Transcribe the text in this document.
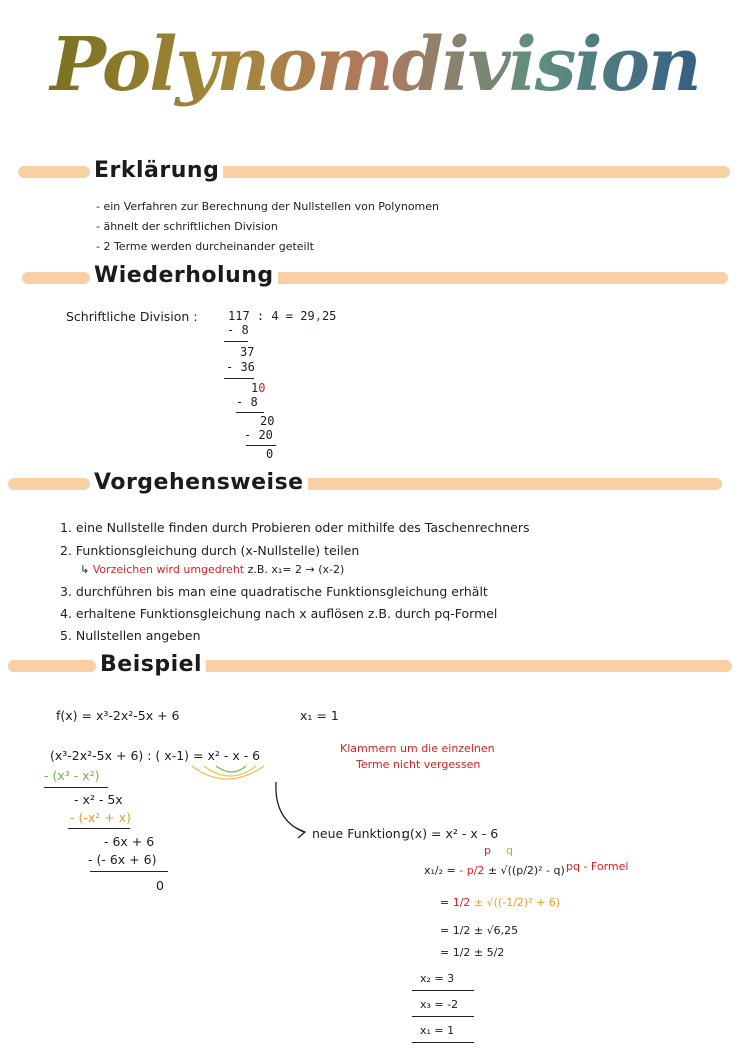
Polynomdivision
Erklärung
- ein Verfahren zur Berechnung der Nullstellen von Polynomen
- ähnelt der schriftlichen Division
- 2 Terme werden durcheinander geteilt
Wiederholung
Schriftliche Division :	117 : 4 = 29,25
- 8
37
- 36
10
- 8
20
- 20
0
Vorgehensweise
1. eine Nullstelle finden durch Probieren oder mithilfe des Taschenrechners
2. Funktionsgleichung durch (x-Nullstelle) teilen
↳ Vorzeichen wird umgedreht z.B. x₁= 2 → (x-2)
3. durchführen bis man eine quadratische Funktionsgleichung erhält
4. erhaltene Funktionsgleichung nach x auflösen z.B. durch pq-Formel
5. Nullstellen angeben
Beispiel
f(x) = x³-2x²-5x + 6	x₁ = 1
(x³-2x²-5x + 6) : ( x-1) = x² - x - 6	Klammern um die einzelnen
Terme nicht vergessen
- (x³ - x²)
- x² - 5x
- (-x² + x)
- 6x + 6
- (- 6x + 6)
0
neue Funktion:
g(x) = x² - x - 6
p q
pq - Formel
x₁/₂ = - p/2 ± √((p/2)² - q)
= 1/2 ± √((-1/2)² + 6)
= 1/2 ± √6,25
= 1/2 ± 5/2
x₂ = 3
x₃ = -2
x₁ = 1
